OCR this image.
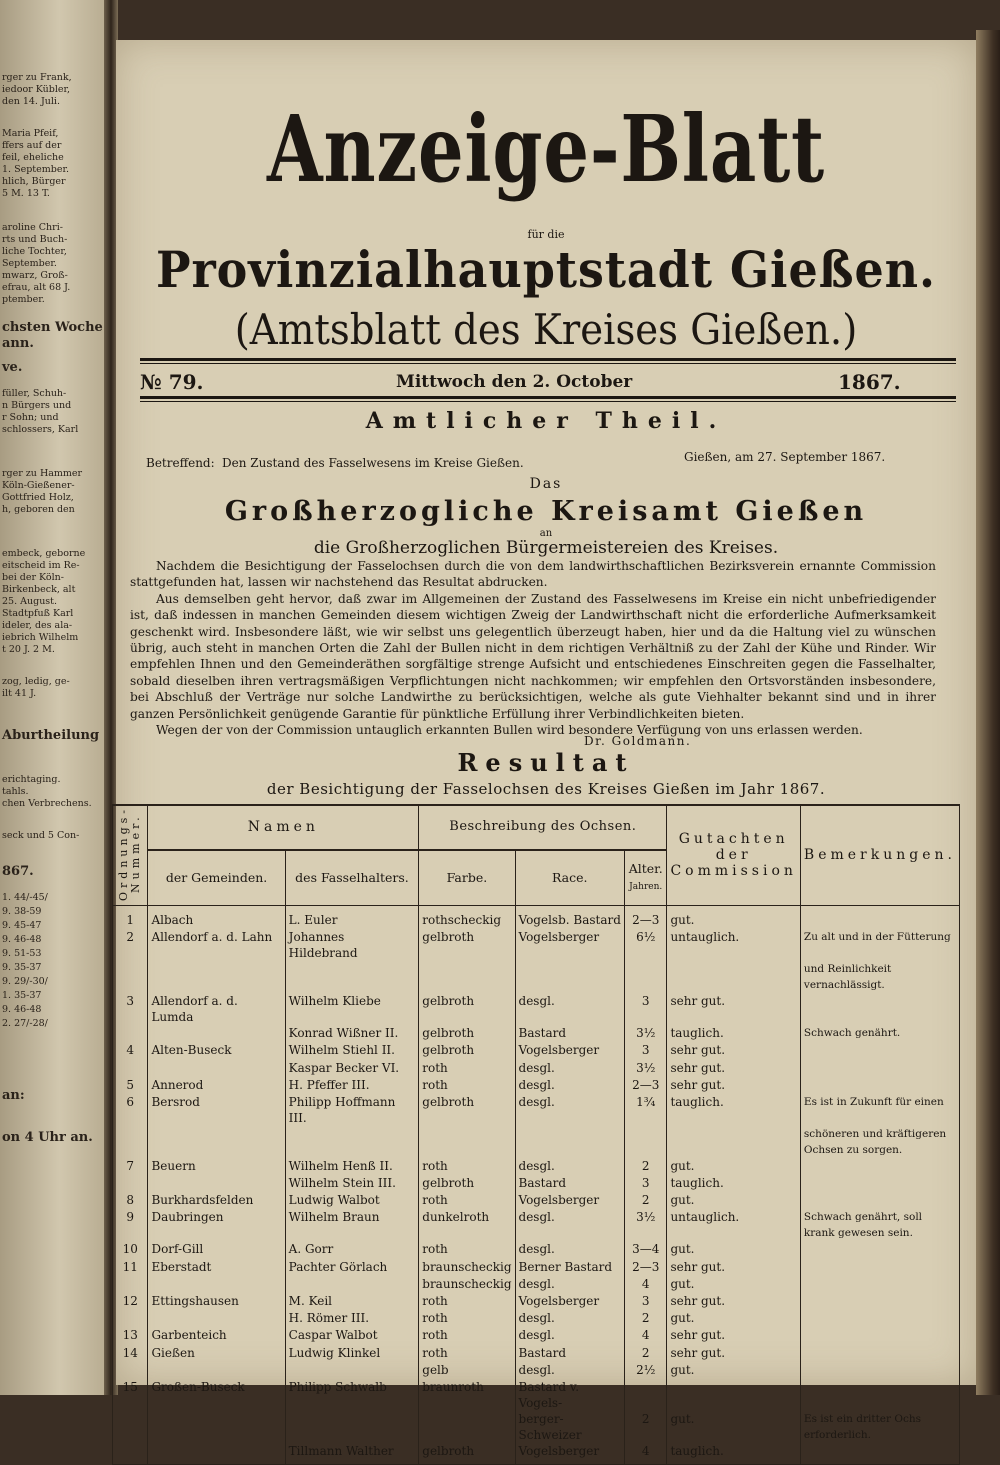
rger zu Frank,
iedoor Kübler,
den 14. Juli.
Maria Pfeif,
ffers auf der
feil, eheliche
1. September.
hlich, Bürger
5 M. 13 T.
aroline Chri-
rts und Buch-
liche Tochter,
September.
mwarz, Groß-
efrau, alt 68 J.
ptember.
chsten Woche
ann.
ve.
füller, Schuh-
n Bürgers und
r Sohn; und
schlossers, Karl
rger zu Hammer
Köln-Gießener-
Gottfried Holz,
h, geboren den
embeck, geborne
eitscheid im Re-
bei der Köln-
Birkenbeck, alt
25. August.
Stadtpfuß Karl
ideler, des ala-
iebrich Wilhelm
t 20 J. 2 M.
zog, ledig, ge-
ilt 41 J.
Aburtheilung
erichtaging.
tahls.
chen Verbrechens.
seck und 5 Con-
867.
1. 44/-45/
9. 38-59
9. 45-47
9. 46-48
9. 51-53
9. 35-37
9. 29/-30/
1. 35-37
9. 46-48
2. 27/-28/
an:
on 4 Uhr an.
Anzeige-Blatt
für die
Provinzialhauptstadt Gießen.
(Amtsblatt des Kreises Gießen.)
№ 79.	Mittwoch den 2. October	1867.
Amtlicher Theil.
Betreffend: Den Zustand des Fasselwesens im Kreise Gießen.	Gießen, am 27. September 1867.
Das
Großherzogliche Kreisamt Gießen
an
die Großherzoglichen Bürgermeistereien des Kreises.

Nachdem die Besichtigung der Fasselochsen durch die von dem landwirthschaftlichen Bezirksverein ernannte Commission stattgefunden hat, lassen wir nachstehend das Resultat abdrucken.

Aus demselben geht hervor, daß zwar im Allgemeinen der Zustand des Fasselwesens im Kreise ein nicht unbefriedigender ist, daß indessen in manchen Gemeinden diesem wichtigen Zweig der Landwirthschaft nicht die erforderliche Aufmerksamkeit geschenkt wird. Insbesondere läßt, wie wir selbst uns gelegentlich überzeugt haben, hier und da die Haltung viel zu wünschen übrig, auch steht in manchen Orten die Zahl der Bullen nicht in dem richtigen Verhältniß zu der Zahl der Kühe und Rinder. Wir empfehlen Ihnen und den Gemeinderäthen sorgfältige strenge Aufsicht und entschiedenes Einschreiten gegen die Fasselhalter, sobald dieselben ihren vertragsmäßigen Verpflichtungen nicht nachkommen; wir empfehlen den Ortsvorständen insbesondere, bei Abschluß der Verträge nur solche Landwirthe zu berücksichtigen, welche als gute Viehhalter bekannt sind und in ihrer ganzen Persönlichkeit genügende Garantie für pünktliche Erfüllung ihrer Verbindlichkeiten bieten.

Wegen der von der Commission untauglich erkannten Bullen wird besondere Verfügung von uns erlassen werden.

Dr. Goldmann.
Resultat
der Besichtigung der Fasselochsen des Kreises Gießen im Jahr 1867.
Ordnungs-Nummer.	Namen		Beschreibung des Ochsen.			Gutachten der Commission	Bemerkungen.
	der Gemeinden.	des Fasselhalters.	Farbe.	Race.	Alter.
Jahren.		

1	Albach	L. Euler	rothscheckig	Vogelsb. Bastard	2—3	gut.	
2	Allendorf a. d. Lahn	Johannes Hildebrand	gelbroth	Vogelsberger	6½	untauglich.	Zu alt und in der Fütterung
							und Reinlichkeit vernachlässigt.
3	Allendorf a. d. Lumda	Wilhelm Kliebe	gelbroth	desgl.	3	sehr gut.	
		Konrad Wißner II.	gelbroth	Bastard	3½	tauglich.	Schwach genährt.
4	Alten-Buseck	Wilhelm Stiehl II.	gelbroth	Vogelsberger	3	sehr gut.	
		Kaspar Becker VI.	roth	desgl.	3½	sehr gut.	
5	Annerod	H. Pfeffer III.	roth	desgl.	2—3	sehr gut.	
6	Bersrod	Philipp Hoffmann III.	gelbroth	desgl.	1¾	tauglich.	Es ist in Zukunft für einen
							schöneren und kräftigeren Ochsen zu sorgen.
7	Beuern	Wilhelm Henß II.	roth	desgl.	2	gut.	
		Wilhelm Stein III.	gelbroth	Bastard	3	tauglich.	
8	Burkhardsfelden	Ludwig Walbot	roth	Vogelsberger	2	gut.	
9	Daubringen	Wilhelm Braun	dunkelroth	desgl.	3½	untauglich.	Schwach genährt, soll krank gewesen sein.
10	Dorf-Gill	A. Gorr	roth	desgl.	3—4	gut.	
11	Eberstadt	Pachter Görlach	braunscheckig	Berner Bastard	2—3	sehr gut.	
			braunscheckig	desgl.	4	gut.	
12	Ettingshausen	M. Keil	roth	Vogelsberger	3	sehr gut.	
		H. Römer III.	roth	desgl.	2	gut.	
13	Garbenteich	Caspar Walbot	roth	desgl.	4	sehr gut.	
14	Gießen	Ludwig Klinkel	roth	Bastard	2	sehr gut.	
			gelb	desgl.	2½	gut.	
15	Großen-Buseck	Philipp Schwalb	braunroth	Bastard v. Vogels-			
				berger-Schweizer	2	gut.	Es ist ein dritter Ochs erforderlich.
		Tillmann Walther	gelbroth	Vogelsberger	4	tauglich.	
